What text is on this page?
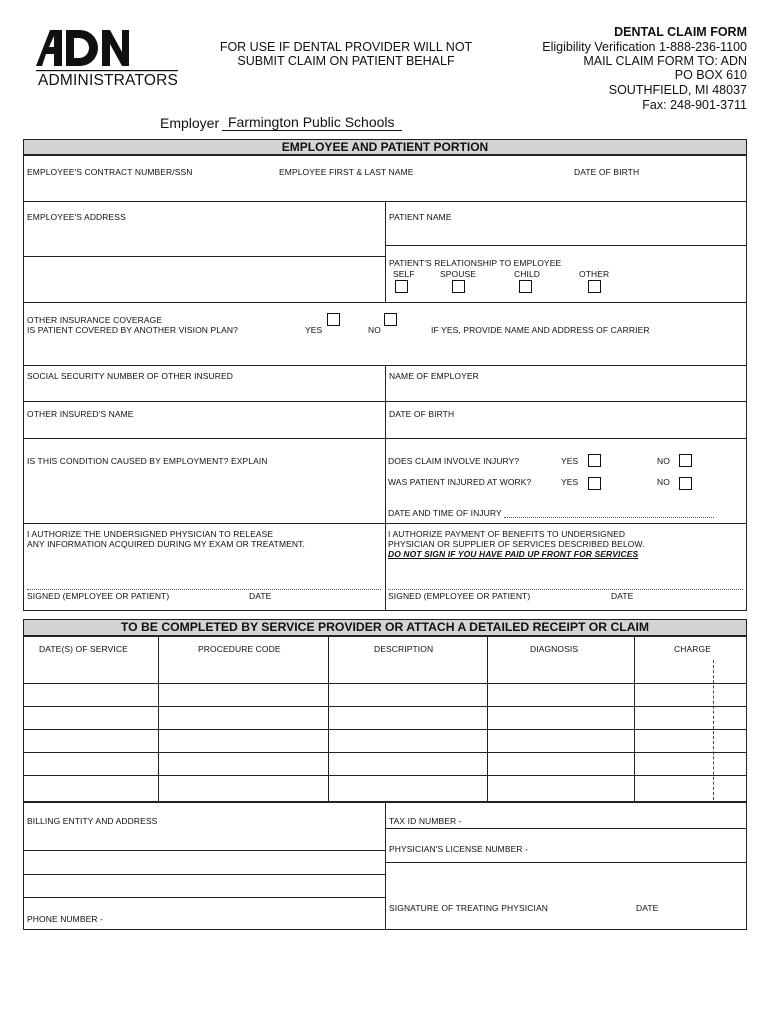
ADMINISTRATORS
FOR USE IF DENTAL PROVIDER WILL NOT
SUBMIT CLAIM ON PATIENT BEHALF
DENTAL CLAIM FORM
Eligibility Verification 1-888-236-1100
MAIL CLAIM FORM TO: ADN
PO BOX 610
SOUTHFIELD, MI 48037
Fax: 248-901-3711
Employer Farmington Public Schools
EMPLOYEE AND PATIENT PORTION
EMPLOYEE'S CONTRACT NUMBER/SSN	EMPLOYEE FIRST & LAST NAME	DATE OF BIRTH
EMPLOYEE'S ADDRESS	PATIENT NAME
PATIENT'S RELATIONSHIP TO EMPLOYEE
SELF	SPOUSE	CHILD	OTHER
OTHER INSURANCE COVERAGE
IS PATIENT COVERED BY ANOTHER VISION PLAN?	YES	NO	IF YES, PROVIDE NAME AND ADDRESS OF CARRIER
SOCIAL SECURITY NUMBER OF OTHER INSURED	NAME OF EMPLOYER
OTHER INSURED'S NAME	DATE OF BIRTH
IS THIS CONDITION CAUSED BY EMPLOYMENT? EXPLAIN	DOES CLAIM INVOLVE INJURY?	YES	NO
WAS PATIENT INJURED AT WORK?	YES	NO
DATE AND TIME OF INJURY
I AUTHORIZE THE UNDERSIGNED PHYSICIAN TO RELEASE
ANY INFORMATION ACQUIRED DURING MY EXAM OR TREATMENT.
I AUTHORIZE PAYMENT OF BENEFITS TO UNDERSIGNED
PHYSICIAN OR SUPPLIER OF SERVICES DESCRIBED BELOW.
DO NOT SIGN IF YOU HAVE PAID UP FRONT FOR SERVICES
SIGNED (EMPLOYEE OR PATIENT)	DATE	SIGNED (EMPLOYEE OR PATIENT)	DATE
TO BE COMPLETED BY SERVICE PROVIDER OR ATTACH A DETAILED RECEIPT OR CLAIM
DATE(S) OF SERVICE	PROCEDURE CODE	DESCRIPTION	DIAGNOSIS	CHARGE
BILLING ENTITY AND ADDRESS
PHONE NUMBER -
TAX ID NUMBER -
PHYSICIAN'S LICENSE NUMBER -
SIGNATURE OF TREATING PHYSICIAN	DATE
